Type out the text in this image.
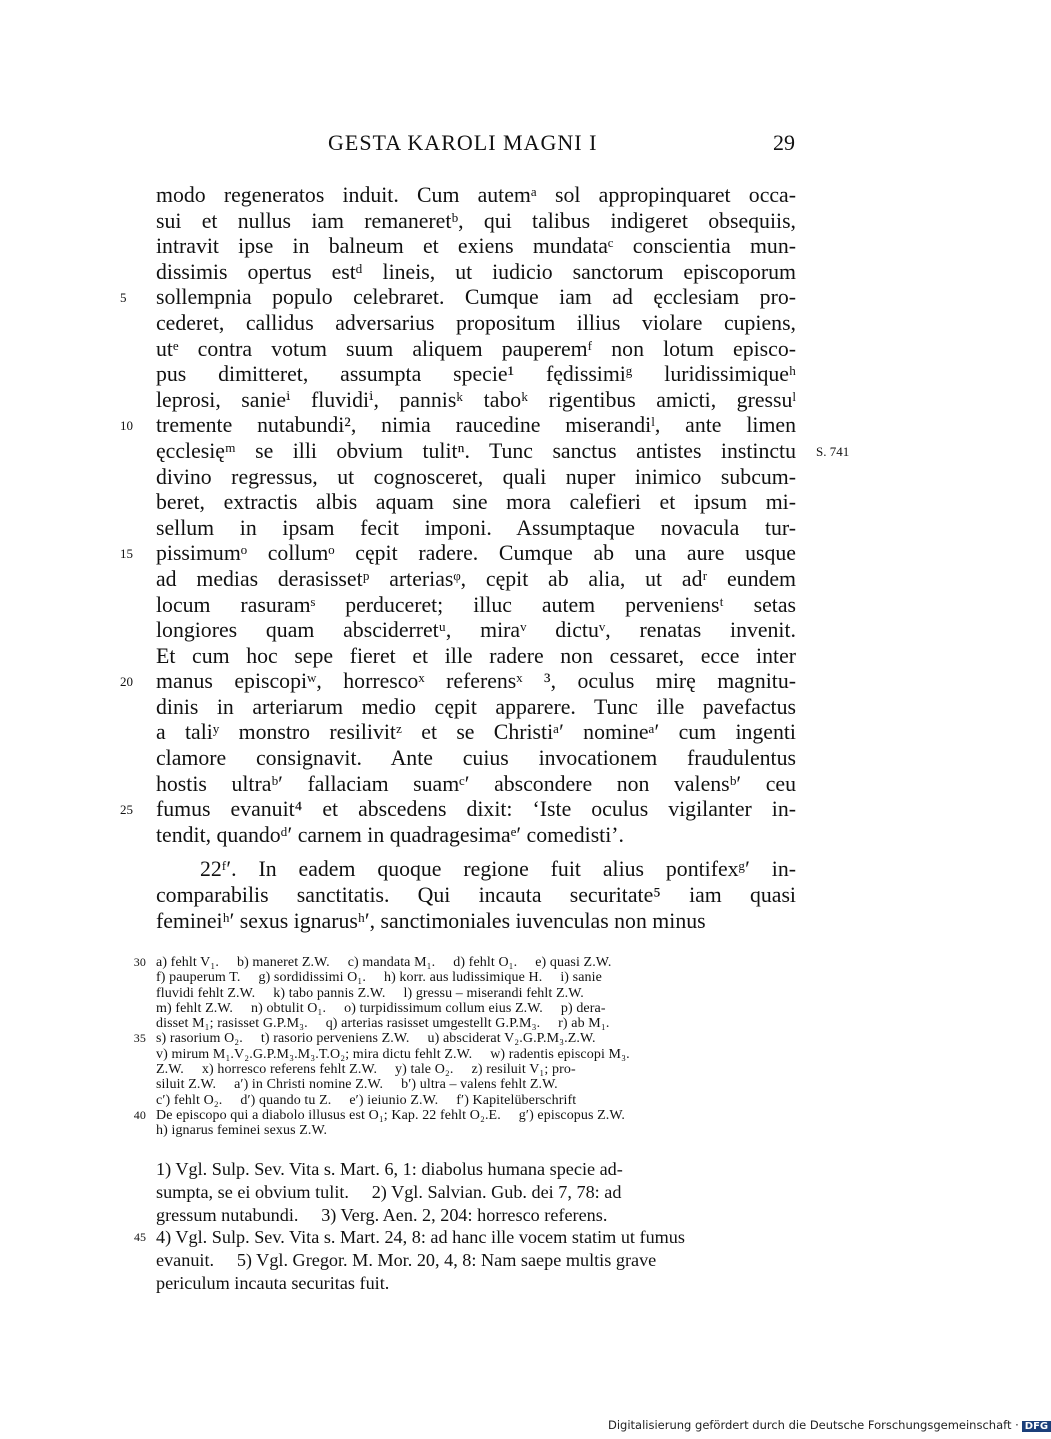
GESTA KAROLI MAGNI I	29
modo regeneratos induit. Cum autemᵃ sol appropinquaret occa-
sui et nullus iam remaneretᵇ, qui talibus indigeret obsequiis,
intravit ipse in balneum et exiens mundataᶜ conscientia mun-
dissimis opertus estᵈ lineis, ut iudicio sanctorum episcoporum
5	sollempnia populo celebraret. Cumque iam ad ęcclesiam pro-
cederet, callidus adversarius propositum illius violare cupiens,
utᵉ contra votum suum aliquem pauperemᶠ non lotum episco-
pus dimitteret, assumpta specie¹ fędissimiᵍ luridissimiqueʰ
leprosi, sanieⁱ fluvidiⁱ, pannisᵏ taboᵏ rigentibus amicti, gressuˡ
10	tremente nutabundi², nimia raucedine miserandiˡ, ante limen
ęcclesięᵐ se illi obvium tulitⁿ. Tunc sanctus antistes instinctu S. 741
divino regressus, ut cognosceret, quali nuper inimico subcum-
beret, extractis albis aquam sine mora calefieri et ipsum mi-
sellum in ipsam fecit imponi. Assumptaque novacula tur-
15	pissimumᵒ collumᵒ cępit radere. Cumque ab una aure usque
ad medias derasissetᵖ arteriasᵠ, cępit ab alia, ut adʳ eundem
locum rasuramˢ perduceret; illuc autem perveniensᵗ setas
longiores quam absciderretᵘ, miraᵛ dictuᵛ, renatas invenit.
Et cum hoc sepe fieret et ille radere non cessaret, ecce inter
20	manus episcopiʷ, horrescoˣ referensˣ ³, oculus mirę magnitu-
dinis in arteriarum medio cępit apparere. Tunc ille pavefactus
a taliʸ monstro resilivitᶻ et se Christiᵃ′ nomineᵃ′ cum ingenti
clamore consignavit. Ante cuius invocationem fraudulentus
hostis ultraᵇ′ fallaciam suamᶜ′ abscondere non valensᵇ′ ceu
25	fumus evanuit⁴ et abscedens dixit: ‘Iste oculus vigilanter in-
tendit, quandoᵈ′ carnem in quadragesimaᵉ′ comedisti’.
22ᶠ′. In eadem quoque regione fuit alius pontifexᵍ′ in-
comparabilis sanctitatis. Qui incauta securitate⁵ iam quasi
femineiʰ′ sexus ignarusʰ′, sanctimoniales iuvenculas non minus
30 a) fehlt V₁.     b) maneret Z.W.     c) mandata M₁.     d) fehlt O₁.     e) quasi Z.W.
f) pauperum T.     g) sordidissimi O₁.     h) korr. aus ludissimique H.     i) sanie
fluvidi fehlt Z.W.     k) tabo pannis Z.W.     l) gressu – miserandi fehlt Z.W.
m) fehlt Z.W.     n) obtulit O₁.     o) turpidissimum collum eius Z.W.     p) dera-
disset M₁; rasisset G.P.M₃.     q) arterias rasisset umgestellt G.P.M₃.     r) ab M₁.
35 s) rasorium O₂.     t) rasorio perveniens Z.W.     u) absciderat V₂.G.P.M₃.Z.W.
v) mirum M₁.V₂.G.P.M₃.M₃.T.O₂; mira dictu fehlt Z.W.     w) radentis episcopi M₃.
Z.W.     x) horresco referens fehlt Z.W.     y) tale O₂.     z) resiluit V₁; pro-
siluit Z.W.     a′) in Christi nomine Z.W.     b′) ultra – valens fehlt Z.W.
c′) fehlt O₂.     d′) quando tu Z.     e′) ieiunio Z.W.     f′) Kapitelüberschrift
40 De episcopo qui a diabolo illusus est O₁; Kap. 22 fehlt O₂.E.     g′) episcopus Z.W.
h) ignarus feminei sexus Z.W.
1) Vgl. Sulp. Sev. Vita s. Mart. 6, 1: diabolus humana specie ad-
sumpta, se ei obvium tulit.     2) Vgl. Salvian. Gub. dei 7, 78: ad
gressum nutabundi.     3) Verg. Aen. 2, 204: horresco referens.
45 4) Vgl. Sulp. Sev. Vita s. Mart. 24, 8: ad hanc ille vocem statim ut fumus
evanuit.     5) Vgl. Gregor. M. Mor. 20, 4, 8: Nam saepe multis grave
periculum incauta securitas fuit.
Digitalisierung gefördert durch die Deutsche Forschungsgemeinschaft · DFG
